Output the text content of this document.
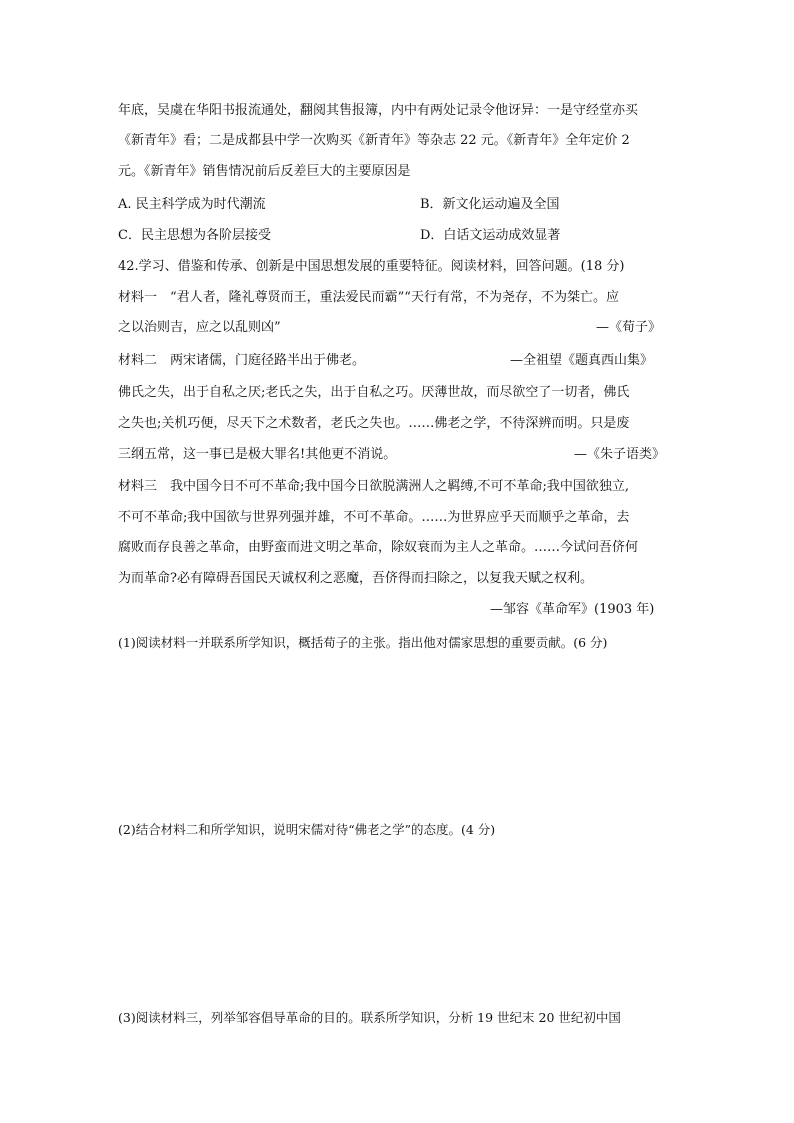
年底，吴虞在华阳书报流通处，翻阅其售报簿，内中有两处记录令他讶异：一是守经堂亦买
《新青年》看；二是成都县中学一次购买《新青年》等杂志 22 元。《新青年》全年定价 2
元。《新青年》销售情况前后反差巨大的主要原因是
A. 民主科学成为时代潮流	B．新文化运动遍及全国
C．民主思想为各阶层接受	D．白话文运动成效显著
42.学习、借鉴和传承、创新是中国思想发展的重要特征。阅读材料，回答问题。(18 分)
材料一　“君人者，隆礼尊贤而王，重法爱民而霸”“天行有常，不为尧存，不为桀亡。应
之以治则吉，应之以乱则凶”	—《荀子》
材料二　两宋诸儒，门庭径路半出于佛老。	—全祖望《题真西山集》
佛氏之失，出于自私之厌;老氏之失，出于自私之巧。厌薄世故，而尽欲空了一切者，佛氏
之失也;关机巧便，尽天下之术数者，老氏之失也。……佛老之学，不待深辨而明。只是废
三纲五常，这一事已是极大罪名!其他更不消说。	—《朱子语类》
材料三　我中国今日不可不革命;我中国今日欲脱满洲人之羁缚,不可不革命;我中国欲独立,
不可不革命;我中国欲与世界列强并雄，不可不革命。……为世界应乎天而顺乎之革命，去
腐败而存良善之革命，由野蛮而进文明之革命，除奴衰而为主人之革命。……今试问吾侪何
为而革命?必有障碍吾国民天诚权利之恶魔，吾侪得而扫除之，以复我天赋之权利。
—邹容《革命军》(1903 年)
(1)阅读材料一并联系所学知识，概括荀子的主张。指出他对儒家思想的重要贡献。(6 分)
(2)结合材料二和所学知识，说明宋儒对待“佛老之学”的态度。(4 分)
(3)阅读材料三，列举邹容倡导革命的目的。联系所学知识，分析 19 世纪末 20 世纪初中国
